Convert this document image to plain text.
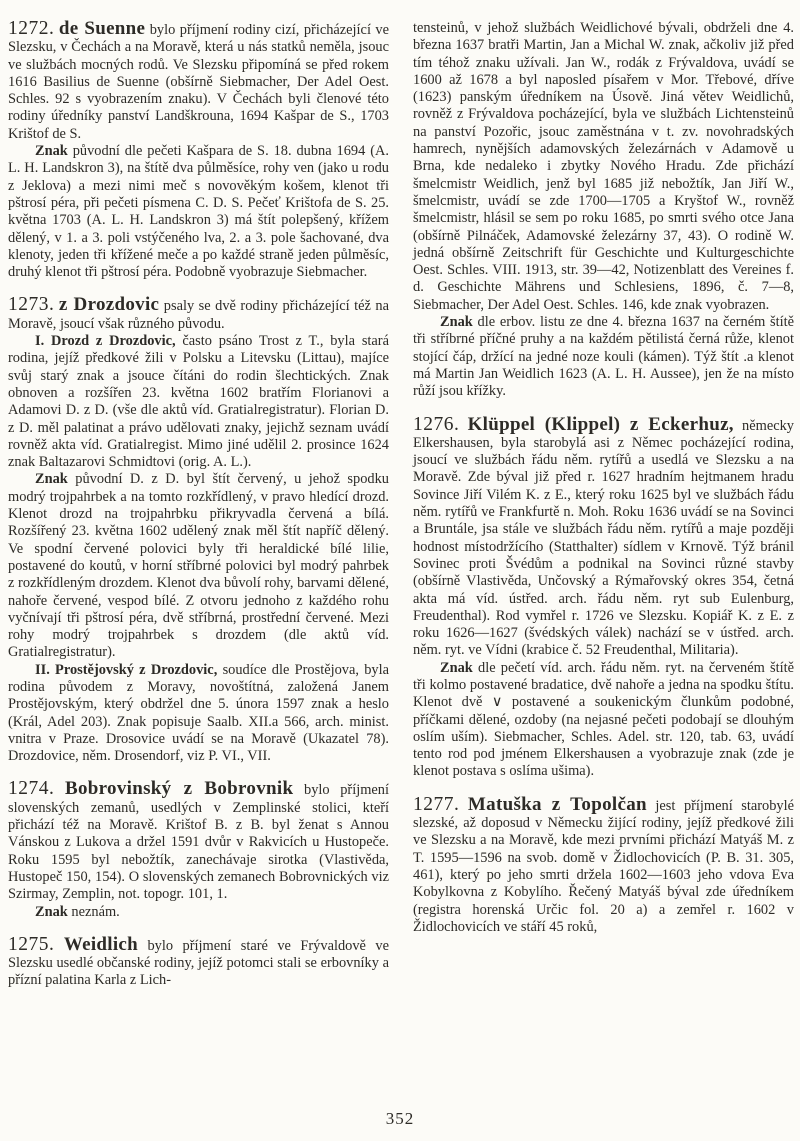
1272. de Suenne bylo příjmení rodiny cizí, přicházející ve Slezsku, v Čechách a na Moravě, která u nás statků neměla, jsouc ve službách mocných rodů. Ve Slezsku připomíná se před rokem 1616 Basilius de Suenne (obšírně Siebmacher, Der Adel Oest. Schles. 92 s vyobrazením znaku). V Čechách byli členové této rodiny úředníky panství Landškrouna, 1694 Kašpar de S., 1703 Krištof de S.

Znak původní dle pečeti Kašpara de S. 18. dubna 1694 (A. L. H. Landskron 3), na štítě dva půlměsíce, rohy ven (jako u rodu z Jeklova) a mezi nimi meč s novověkým košem, klenot tři pštrosí péra, při pečeti písmena C. D. S. Pečeť Krištofa de S. 25. května 1703 (A. L. H. Landskron 3) má štít polepšený, křížem dělený, v 1. a 3. poli vstýčeného lva, 2. a 3. pole šachované, dva klenoty, jeden tři křížené meče a po každé straně jeden půlměsíc, druhý klenot tři pštrosí péra. Podobně vyobrazuje Siebmacher.

1273. z Drozdovic psaly se dvě rodiny přicházející též na Moravě, jsoucí však různého původu.

I. Drozd z Drozdovic, často psáno Trost z T., byla stará rodina, jejíž předkové žili v Polsku a Litevsku (Littau), majíce svůj starý znak a jsouce čítáni do rodin šlechtických. Znak obnoven a rozšířen 23. května 1602 bratřím Florianovi a Adamovi D. z D. (vše dle aktů víd. Gratialregistratur). Florian D. z D. měl palatinat a právo udělovati znaky, jejichž seznam uvádí rovněž akta víd. Gratialregist. Mimo jiné udělil 2. prosince 1624 znak Baltazarovi Schmidtovi (orig. A. L.).

Znak původní D. z D. byl štít červený, u jehož spodku modrý trojpahrbek a na tomto rozkřídlený, v pravo hledící drozd. Klenot drozd na trojpahrbku přikryvadla červená a bílá. Rozšířený 23. května 1602 udělený znak měl štít napříč dělený. Ve spodní červené polovici byly tři heraldické bílé lilie, postavené do koutů, v horní stříbrné polovici byl modrý pahrbek z rozkřídleným drozdem. Klenot dva bůvolí rohy, barvami dělené, nahoře červené, vespod bílé. Z otvoru jednoho z každého rohu vyčnívají tři pštrosí péra, dvě stříbrná, prostřední červené. Mezi rohy modrý trojpahrbek s drozdem (dle aktů víd. Gratialregistratur).

II. Prostějovský z Drozdovic, soudíce dle Prostějova, byla rodina původem z Moravy, novoštítná, založená Janem Prostějovským, který obdržel dne 5. února 1597 znak a heslo (Král, Adel 203). Znak popisuje Saalb. XII.a 566, arch. minist. vnitra v Praze. Drosovice uvádí se na Moravě (Ukazatel 78). Drozdovice, něm. Drosendorf, viz P. VI., VII.

1274. Bobrovinský z Bobrovnik bylo příjmení slovenských zemanů, usedlých v Zemplinské stolici, kteří přichází též na Moravě. Krištof B. z B. byl ženat s Annou Vánskou z Lukova a držel 1591 dvůr v Rakvicích u Hustopeče. Roku 1595 byl nebožtík, zanechávaje sirotka (Vlastivěda, Hustopeč 150, 154). O slovenských zemanech Bobrovnických viz Szirmay, Zemplin, not. topogr. 101, 1.

Znak neznám.

1275. Weidlich bylo příjmení staré ve Frývaldově ve Slezsku usedlé občanské rodiny, jejíž potomci stali se erbovníky a přízní palatina Karla z Lich-

tensteinů, v jehož službách Weidlichové bývali, obdrželi dne 4. března 1637 bratři Martin, Jan a Michal W. znak, ačkoliv již před tím téhož znaku užívali. Jan W., rodák z Frývaldova, uvádí se 1600 až 1678 a byl naposled písařem v Mor. Třebové, dříve (1623) panským úředníkem na Úsově. Jiná větev Weidlichů, rovněž z Frývaldova pocházející, byla ve službách Lichtensteinů na panství Pozořic, jsouc zaměstnána v t. zv. novohradských hamrech, nynějších adamovských železárnách v Adamově u Brna, kde nedaleko i zbytky Nového Hradu. Zde přichází šmelcmistr Weidlich, jenž byl 1685 již nebožtík, Jan Jiří W., šmelcmistr, uvádí se zde 1700—1705 a Kryštof W., rovněž šmelcmistr, hlásil se sem po roku 1685, po smrti svého otce Jana (obšírně Pilnáček, Adamovské železárny 37, 43). O rodině W. jedná obšírně Zeitschrift für Geschichte und Kulturgeschichte Oest. Schles. VIII. 1913, str. 39—42, Notizenblatt des Vereines f. d. Geschichte Mährens und Schlesiens, 1896, č. 7—8, Siebmacher, Der Adel Oest. Schles. 146, kde znak vyobrazen.

Znak dle erbov. listu ze dne 4. března 1637 na černém štítě tři stříbrné příčné pruhy a na každém pětilistá černá růže, klenot stojící čáp, držící na jedné noze kouli (kámen). Týž štít .a klenot má Martin Jan Weidlich 1623 (A. L. H. Aussee), jen že na místo růží jsou křížky.

1276. Klüppel (Klippel) z Eckerhuz, německy Elkershausen, byla starobylá asi z Němec pocházející rodina, jsoucí ve službách řádu něm. rytířů a usedlá ve Slezsku a na Moravě. Zde býval již před r. 1627 hradním hejtmanem hradu Sovince Jiří Vilém K. z E., který roku 1625 byl ve službách řádu něm. rytířů ve Frankfurtě n. Moh. Roku 1636 uvádí se na Sovinci a Bruntále, jsa stále ve službách řádu něm. rytířů a maje později hodnost místodržícího (Statthalter) sídlem v Krnově. Týž bránil Sovinec proti Švédům a podnikal na Sovinci různé stavby (obšírně Vlastivěda, Unčovský a Rýmařovský okres 354, četná akta má víd. ústřed. arch. řádu něm. ryt sub Eulenburg, Freudenthal). Rod vymřel r. 1726 ve Slezsku. Kopiář K. z E. z roku 1626—1627 (švédských válek) nachází se v ústřed. arch. něm. ryt. ve Vídni (krabice č. 52 Freudenthal, Militaria).

Znak dle pečetí víd. arch. řádu něm. ryt. na červeném štítě tři kolmo postavené bradatice, dvě nahoře a jedna na spodku štítu. Klenot dvě ∨ postavené a soukenickým člunkům podobné, příčkami dělené, ozdoby (na nejasné pečeti podobají se dlouhým oslím uším). Siebmacher, Schles. Adel. str. 120, tab. 63, uvádí tento rod pod jménem Elkershausen a vyobrazuje znak (zde je klenot postava s oslíma ušima).

1277. Matuška z Topolčan jest příjmení starobylé slezské, až doposud v Německu žijící rodiny, jejíž předkové žili ve Slezsku a na Moravě, kde mezi prvními přichází Matyáš M. z T. 1595—1596 na svob. domě v Židlochovicích (P. B. 31. 305, 461), který po jeho smrti držela 1602—1603 jeho vdova Eva Kobylkovna z Kobylího. Řečený Matyáš býval zde úředníkem (registra horenská Určic fol. 20 a) a zemřel r. 1602 v Židlochovicích ve stáří 45 roků,

352
